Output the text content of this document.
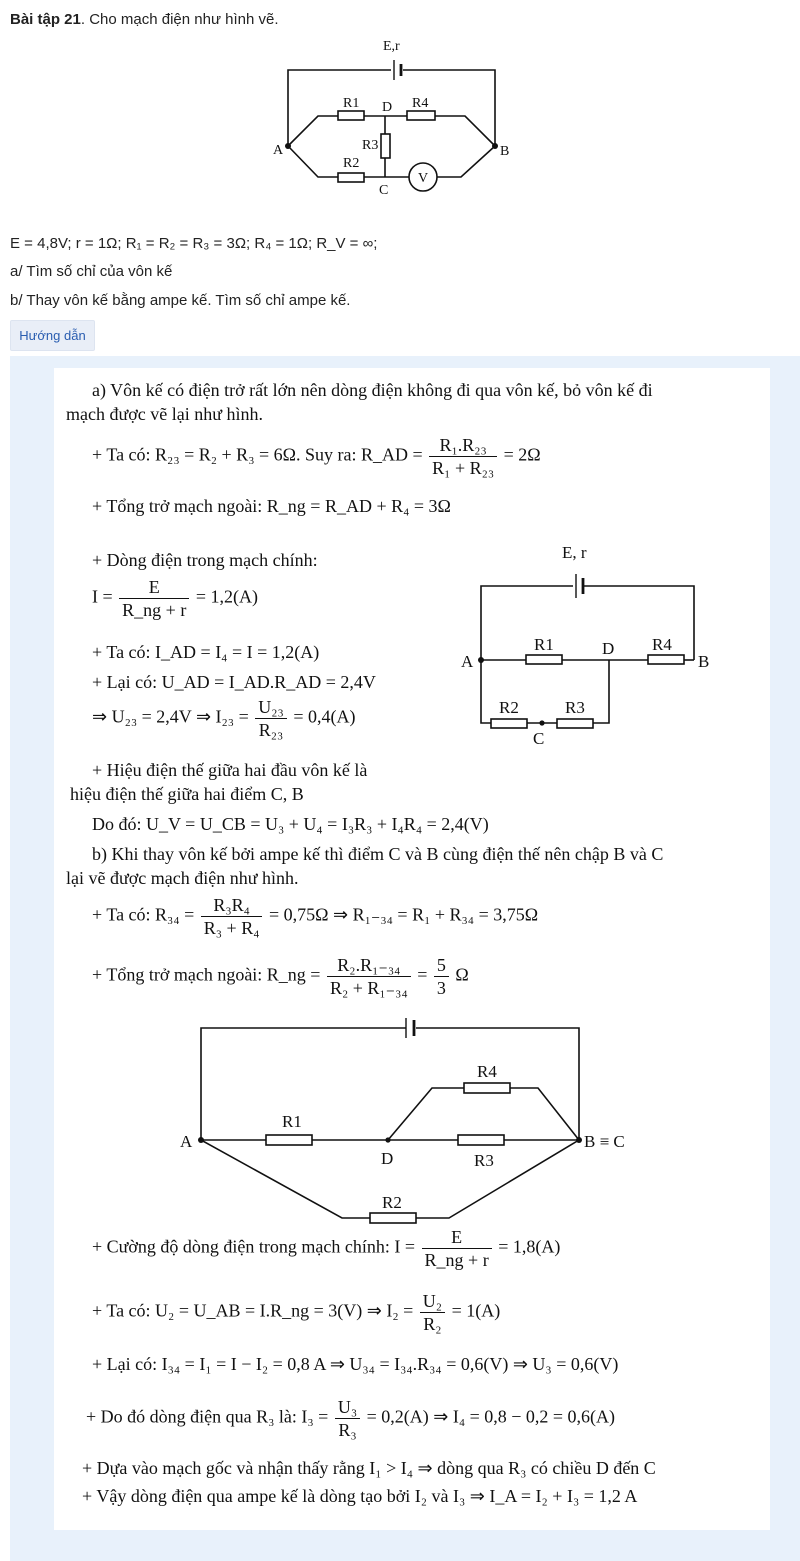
Bài tập 21. Cho mạch điện như hình vẽ.
E,r
A	B
C
D
R1
R2
R3
R4
V
E = 4,8V; r = 1Ω; R₁ = R₂ = R₃ = 3Ω; R₄ = 1Ω; R_V = ∞;
a/ Tìm số chỉ của vôn kế
b/ Thay vôn kế bằng ampe kế. Tìm số chỉ ampe kế.
Hướng dẫn
a) Vôn kế có điện trở rất lớn nên dòng điện không đi qua vôn kế, bỏ vôn kế đi
mạch được vẽ lại như hình.
+ Ta có: R₂₃ = R₂ + R₃ = 6Ω. Suy ra: R_AD = $\frac{\text{R₁.R₂₃}}{\text{R₁ + R₂₃}} = 2\Omega$
+ Tổng trở mạch ngoài: R_ng = R_AD + R₄ = 3Ω
+ Dòng điện trong mạch chính:
$I = \frac{E}{R\_ng + r} = 1,2(A)$
+ Ta có: I_AD = I₄ = I = 1,2(A)
+ Lại có: U_AD = I_AD.R_AD = 2,4V
⇒ U₂₃ = 2,4V ⇒ $I_{23} = \frac{\text{U₂₃}}{\text{R₂₃}} = 0,4(A)$
+ Hiệu điện thế giữa hai đầu vôn kế là
hiệu điện thế giữa hai điểm C, B
Do đó: U_V = U_CB = U₃ + U₄ = I₃R₃ + I₄R₄ = 2,4(V)
b) Khi thay vôn kế bởi ampe kế thì điểm C và B cùng điện thế nên chập B và C
lại vẽ được mạch điện như hình.
+ Ta có: $R_{34} = \frac{\text{R₃R₄}}{\text{R₃ + R₄}} = 0,75\Omega$ ⇒ R₁₋₃₄ = R₁ + R₃₄ = 3,75Ω
+ Tổng trở mạch ngoài: R_ng = $\frac{\text{R₂.R₁₋₃₄}}{\text{R₂ + R₁₋₃₄}} = \frac{5}{3}$ Ω
+ Cường độ dòng điện trong mạch chính: $I = \frac{E}{R\_ng + r} = 1,8(A)$
+ Ta có: U₂ = U_AB = I.R_ng = 3(V) ⇒ $I_2 = \frac{\text{U₂}}{\text{R₂}} = 1(A)$
+ Lại có: I₃₄ = I₁ = I − I₂ = 0,8 A ⇒ U₃₄ = I₃₄.R₃₄ = 0,6(V) ⇒ U₃ = 0,6(V)
+ Do đó dòng điện qua R₃ là: $I_3 = \frac{\text{U₃}}{\text{R₃}} = 0,2(A)$ ⇒ I₄ = 0,8 − 0,2 = 0,6(A)
+ Dựa vào mạch gốc và nhận thấy rằng I₁ > I₄ ⇒ dòng qua R₃ có chiều D đến C
+ Vậy dòng điện qua ampe kế là dòng tạo bởi I₂ và I₃ ⇒ I_A = I₂ + I₃ = 1,2 A
E, r
A	B
C
D
R1
R2	R3
R4
A
D
B ≡ C
R1
R2
R3
R4
